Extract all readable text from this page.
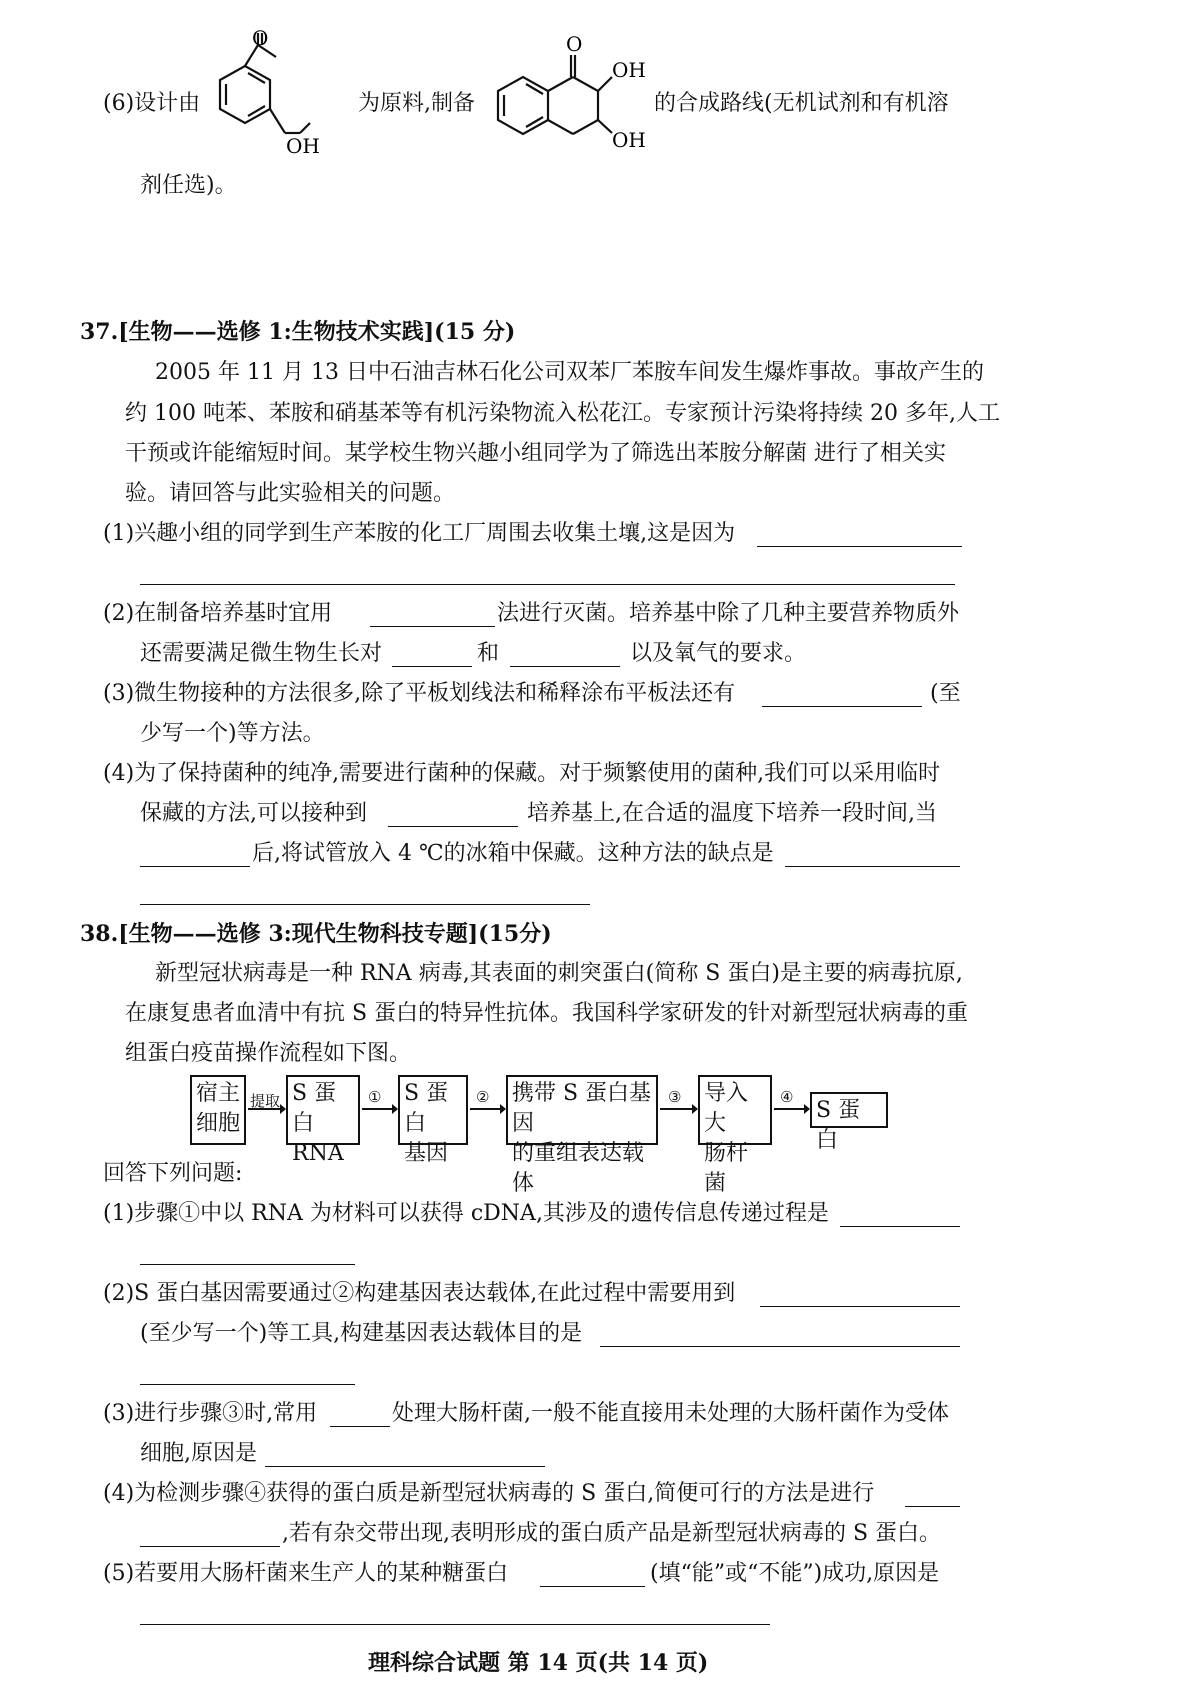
(6)设计由
O
OH
为原料,制备
O
OH
OH
的合成路线(无机试剂和有机溶
剂任选)。
37.[生物——选修 1:生物技术实践](15 分)
2005 年 11 月 13 日中石油吉林石化公司双苯厂苯胺车间发生爆炸事故。事故产生的
约 100 吨苯、苯胺和硝基苯等有机污染物流入松花江。专家预计污染将持续 20 多年,人工
干预或许能缩短时间。某学校生物兴趣小组同学为了筛选出苯胺分解菌 进行了相关实
验。请回答与此实验相关的问题。
(1)兴趣小组的同学到生产苯胺的化工厂周围去收集土壤,这是因为
(2)在制备培养基时宜用	法进行灭菌。培养基中除了几种主要营养物质外
还需要满足微生物生长对	和	以及氧气的要求。
(3)微生物接种的方法很多,除了平板划线法和稀释涂布平板法还有	(至
少写一个)等方法。
(4)为了保持菌种的纯净,需要进行菌种的保藏。对于频繁使用的菌种,我们可以采用临时
保藏的方法,可以接种到	培养基上,在合适的温度下培养一段时间,当
后,将试管放入 4 ℃的冰箱中保藏。这种方法的缺点是
38.[生物——选修 3:现代生物科技专题](15分)
新型冠状病毒是一种 RNA 病毒,其表面的刺突蛋白(简称 S 蛋白)是主要的病毒抗原,
在康复患者血清中有抗 S 蛋白的特异性抗体。我国科学家研发的针对新型冠状病毒的重
组蛋白疫苗操作流程如下图。
宿主
细胞
提取 S 蛋白
RNA
① S 蛋白
基因
② 携带 S 蛋白基因
的重组表达载体
③ 导入大
肠杆菌
④
S 蛋白
回答下列问题:
(1)步骤①中以 RNA 为材料可以获得 cDNA,其涉及的遗传信息传递过程是
(2)S 蛋白基因需要通过②构建基因表达载体,在此过程中需要用到
(至少写一个)等工具,构建基因表达载体目的是
(3)进行步骤③时,常用	处理大肠杆菌,一般不能直接用未处理的大肠杆菌作为受体
细胞,原因是
(4)为检测步骤④获得的蛋白质是新型冠状病毒的 S 蛋白,简便可行的方法是进行
,若有杂交带出现,表明形成的蛋白质产品是新型冠状病毒的 S 蛋白。
(5)若要用大肠杆菌来生产人的某种糖蛋白	(填“能”或“不能”)成功,原因是
理科综合试题 第 14 页(共 14 页)
